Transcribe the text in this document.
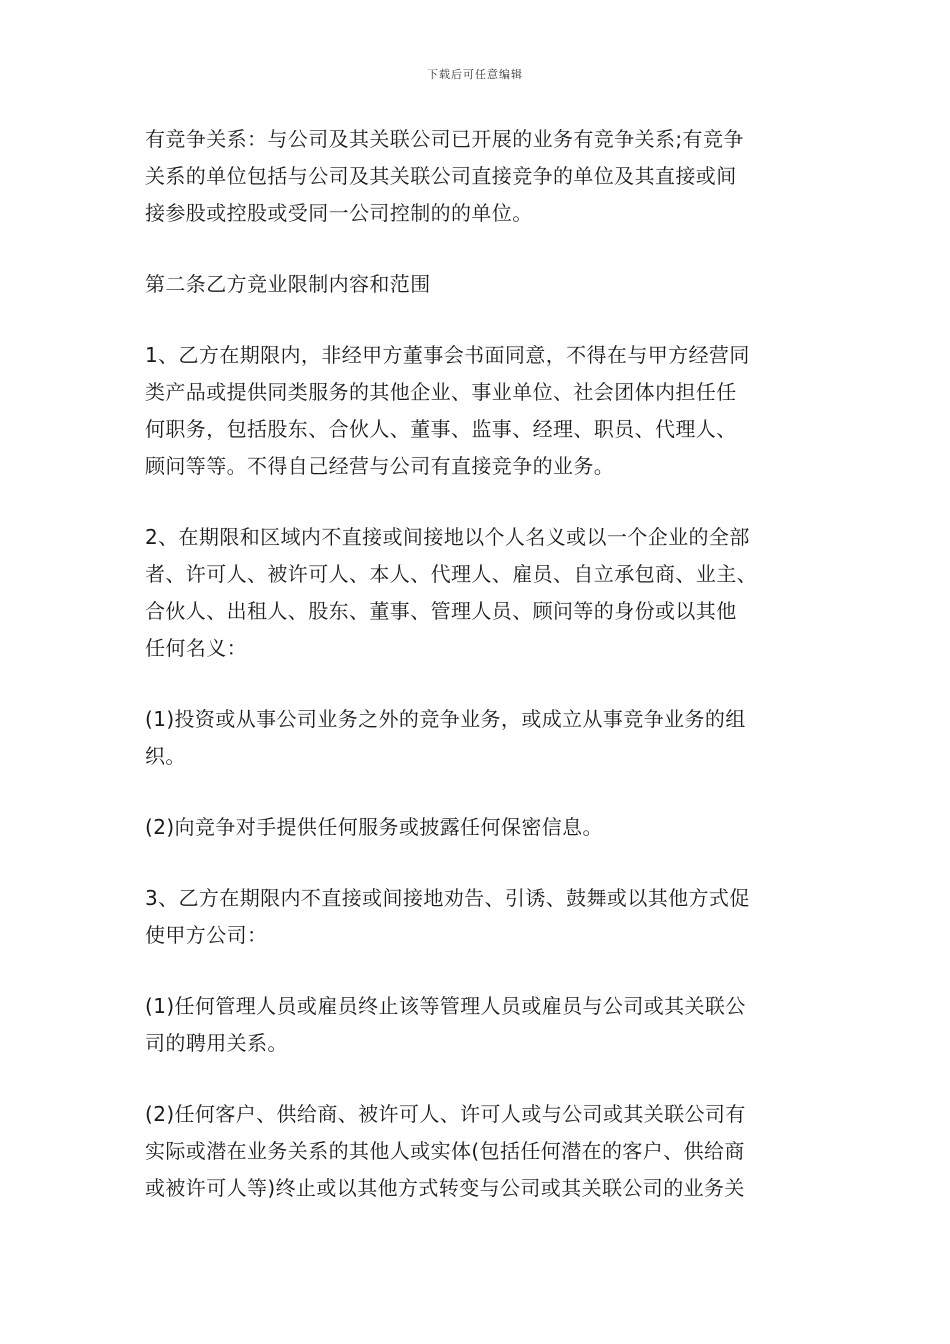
下载后可任意编辑

有竞争关系：与公司及其关联公司已开展的业务有竞争关系;有竞争
关系的单位包括与公司及其关联公司直接竞争的单位及其直接或间
接参股或控股或受同一公司控制的的单位。

第二条乙方竞业限制内容和范围

1、乙方在期限内，非经甲方董事会书面同意，不得在与甲方经营同
类产品或提供同类服务的其他企业、事业单位、社会团体内担任任
何职务，包括股东、合伙人、董事、监事、经理、职员、代理人、
顾问等等。不得自己经营与公司有直接竞争的业务。

2、在期限和区域内不直接或间接地以个人名义或以一个企业的全部
者、许可人、被许可人、本人、代理人、雇员、自立承包商、业主、
合伙人、出租人、股东、董事、管理人员、顾问等的身份或以其他
任何名义：

(1)投资或从事公司业务之外的竞争业务，或成立从事竞争业务的组
织。

(2)向竞争对手提供任何服务或披露任何保密信息。

3、乙方在期限内不直接或间接地劝告、引诱、鼓舞或以其他方式促
使甲方公司：

(1)任何管理人员或雇员终止该等管理人员或雇员与公司或其关联公
司的聘用关系。

(2)任何客户、供给商、被许可人、许可人或与公司或其关联公司有
实际或潜在业务关系的其他人或实体(包括任何潜在的客户、供给商
或被许可人等)终止或以其他方式转变与公司或其关联公司的业务关
